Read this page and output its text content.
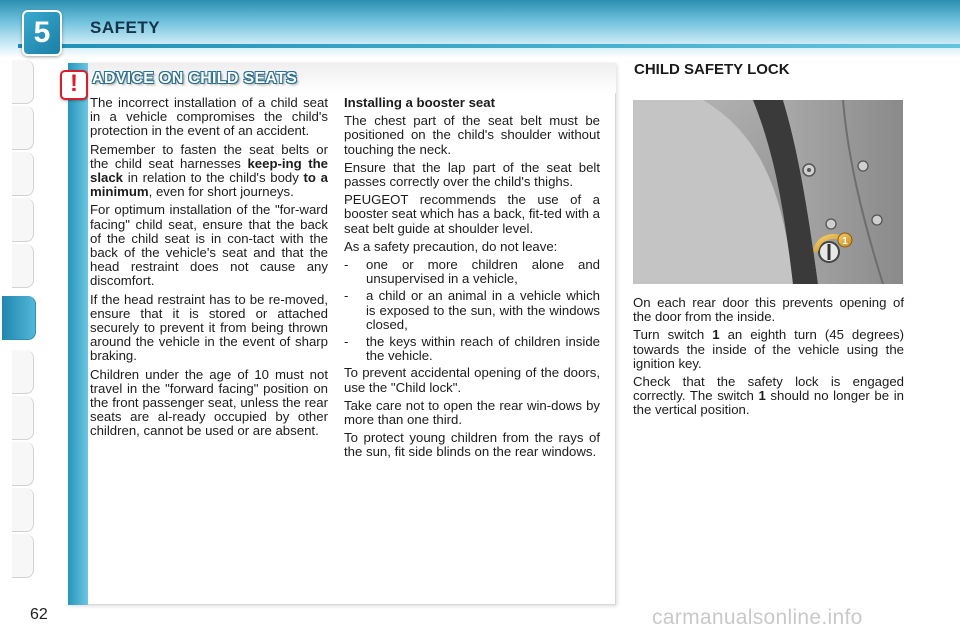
5	SAFETY
! ADVICE ON CHILD SEATS

The incorrect installation of a child seat in a vehicle compromises the child's protection in the event of an accident.

Remember to fasten the seat belts or the child seat harnesses keep-ing the slack in relation to the child's body to a minimum, even for short journeys.

For optimum installation of the "for-ward facing" child seat, ensure that the back of the child seat is in con-tact with the back of the vehicle's seat and that the head restraint does not cause any discomfort.

If the head restraint has to be re-moved, ensure that it is stored or attached securely to prevent it from being thrown around the vehicle in the event of sharp braking.

Children under the age of 10 must not travel in the "forward facing" position on the front passenger seat, unless the rear seats are al-ready occupied by other children, cannot be used or are absent.

Installing a booster seat

The chest part of the seat belt must be positioned on the child's shoulder without touching the neck.

Ensure that the lap part of the seat belt passes correctly over the child's thighs.

PEUGEOT recommends the use of a booster seat which has a back, fit-ted with a seat belt guide at shoulder level.

As a safety precaution, do not leave:

-	one or more children alone and unsupervised in a vehicle,
-	a child or an animal in a vehicle which is exposed to the sun, with the windows closed,
-	the keys within reach of children inside the vehicle.

To prevent accidental opening of the doors, use the "Child lock".

Take care not to open the rear win-dows by more than one third.

To protect young children from the rays of the sun, fit side blinds on the rear windows.

CHILD SAFETY LOCK
1

On each rear door this prevents opening of the door from the inside.

Turn switch 1 an eighth turn (45 degrees) towards the inside of the vehicle using the ignition key.

Check that the safety lock is engaged correctly. The switch 1 should no longer be in the vertical position.

62	carmanualsonline.info
